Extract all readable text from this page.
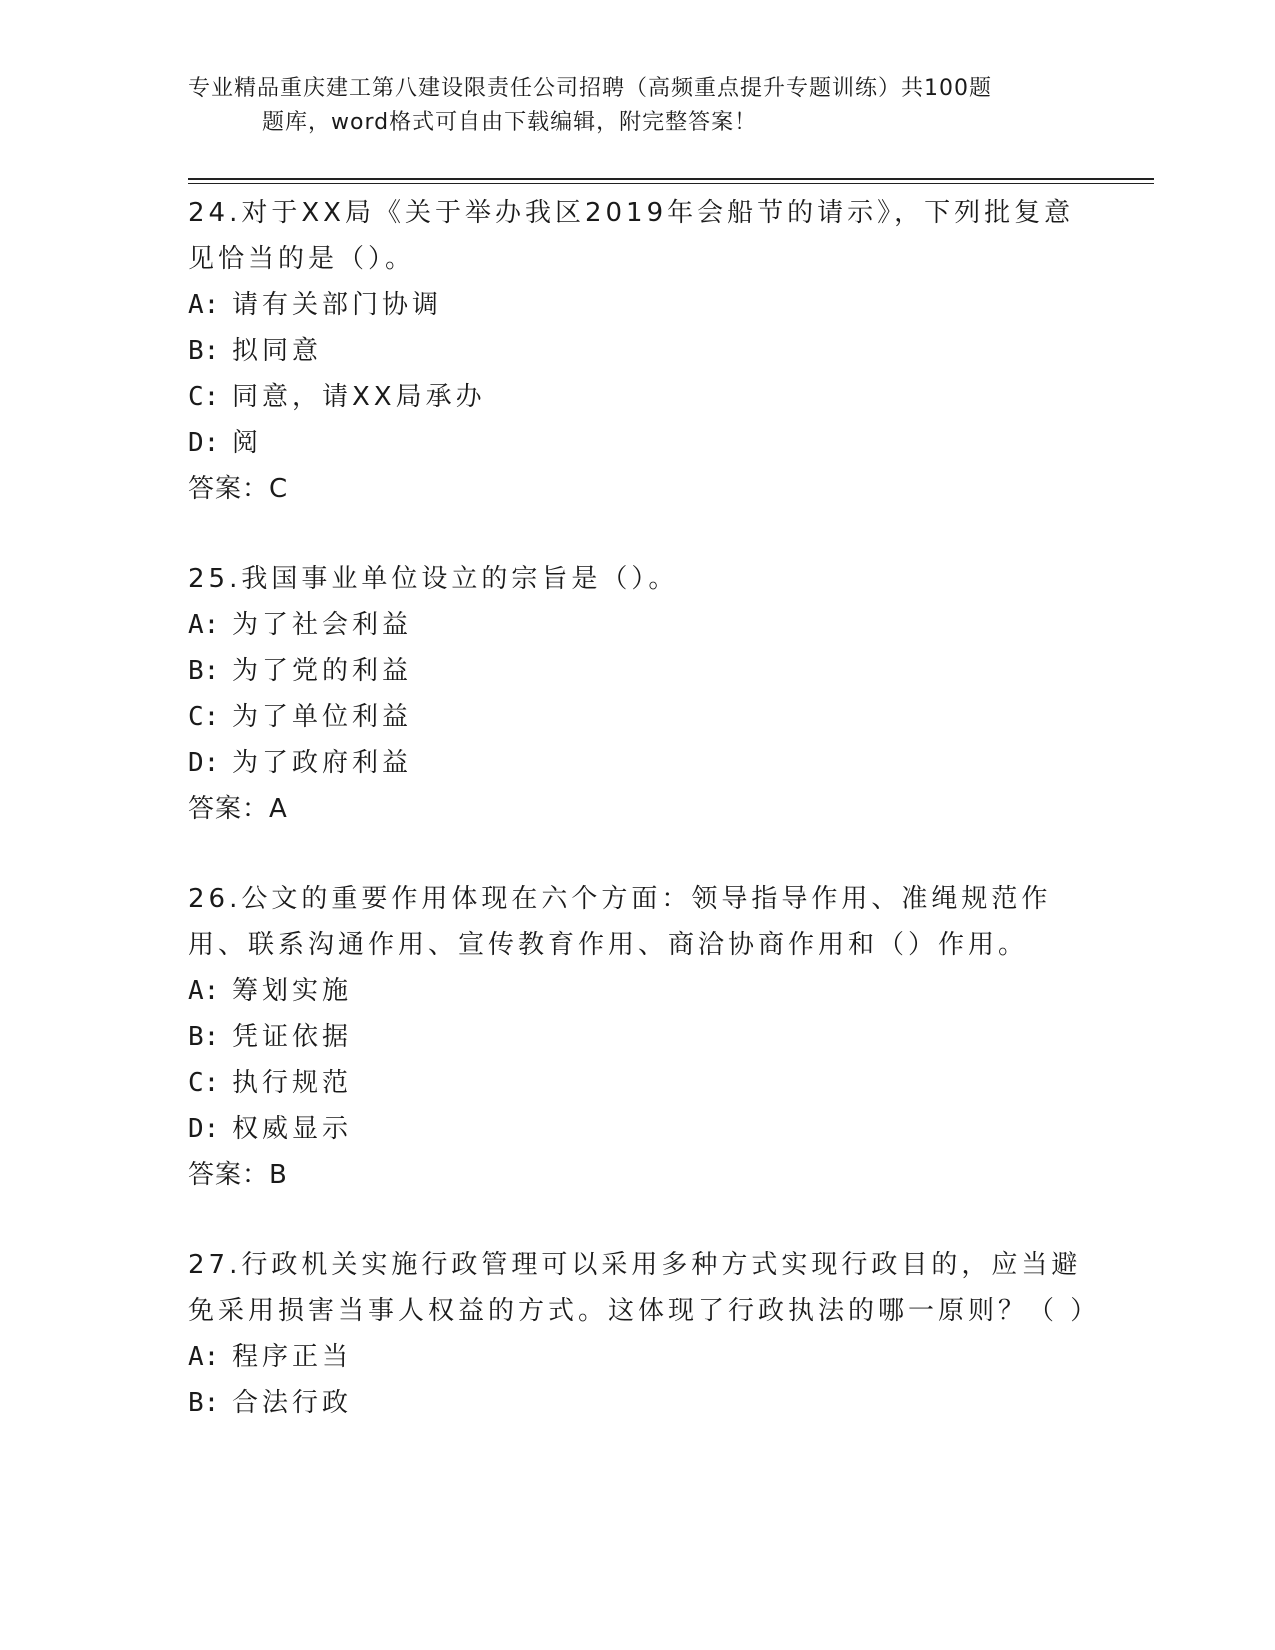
专业精品重庆建工第八建设限责任公司招聘（高频重点提升专题训练）共100题
题库，word格式可自由下载编辑，附完整答案！
24.对于XX局《关于举办我区2019年会船节的请示》，下列批复意见恰当的是（）。
A: 请有关部门协调
B: 拟同意
C: 同意，请XX局承办
D: 阅
答案：C
25.我国事业单位设立的宗旨是（）。
A: 为了社会利益
B: 为了党的利益
C: 为了单位利益
D: 为了政府利益
答案：A
26.公文的重要作用体现在六个方面：领导指导作用、准绳规范作用、联系沟通作用、宣传教育作用、商洽协商作用和（）作用。
A: 筹划实施
B: 凭证依据
C: 执行规范
D: 权威显示
答案：B
27.行政机关实施行政管理可以采用多种方式实现行政目的，应当避免采用损害当事人权益的方式。这体现了行政执法的哪一原则？（ ）
A: 程序正当
B: 合法行政
